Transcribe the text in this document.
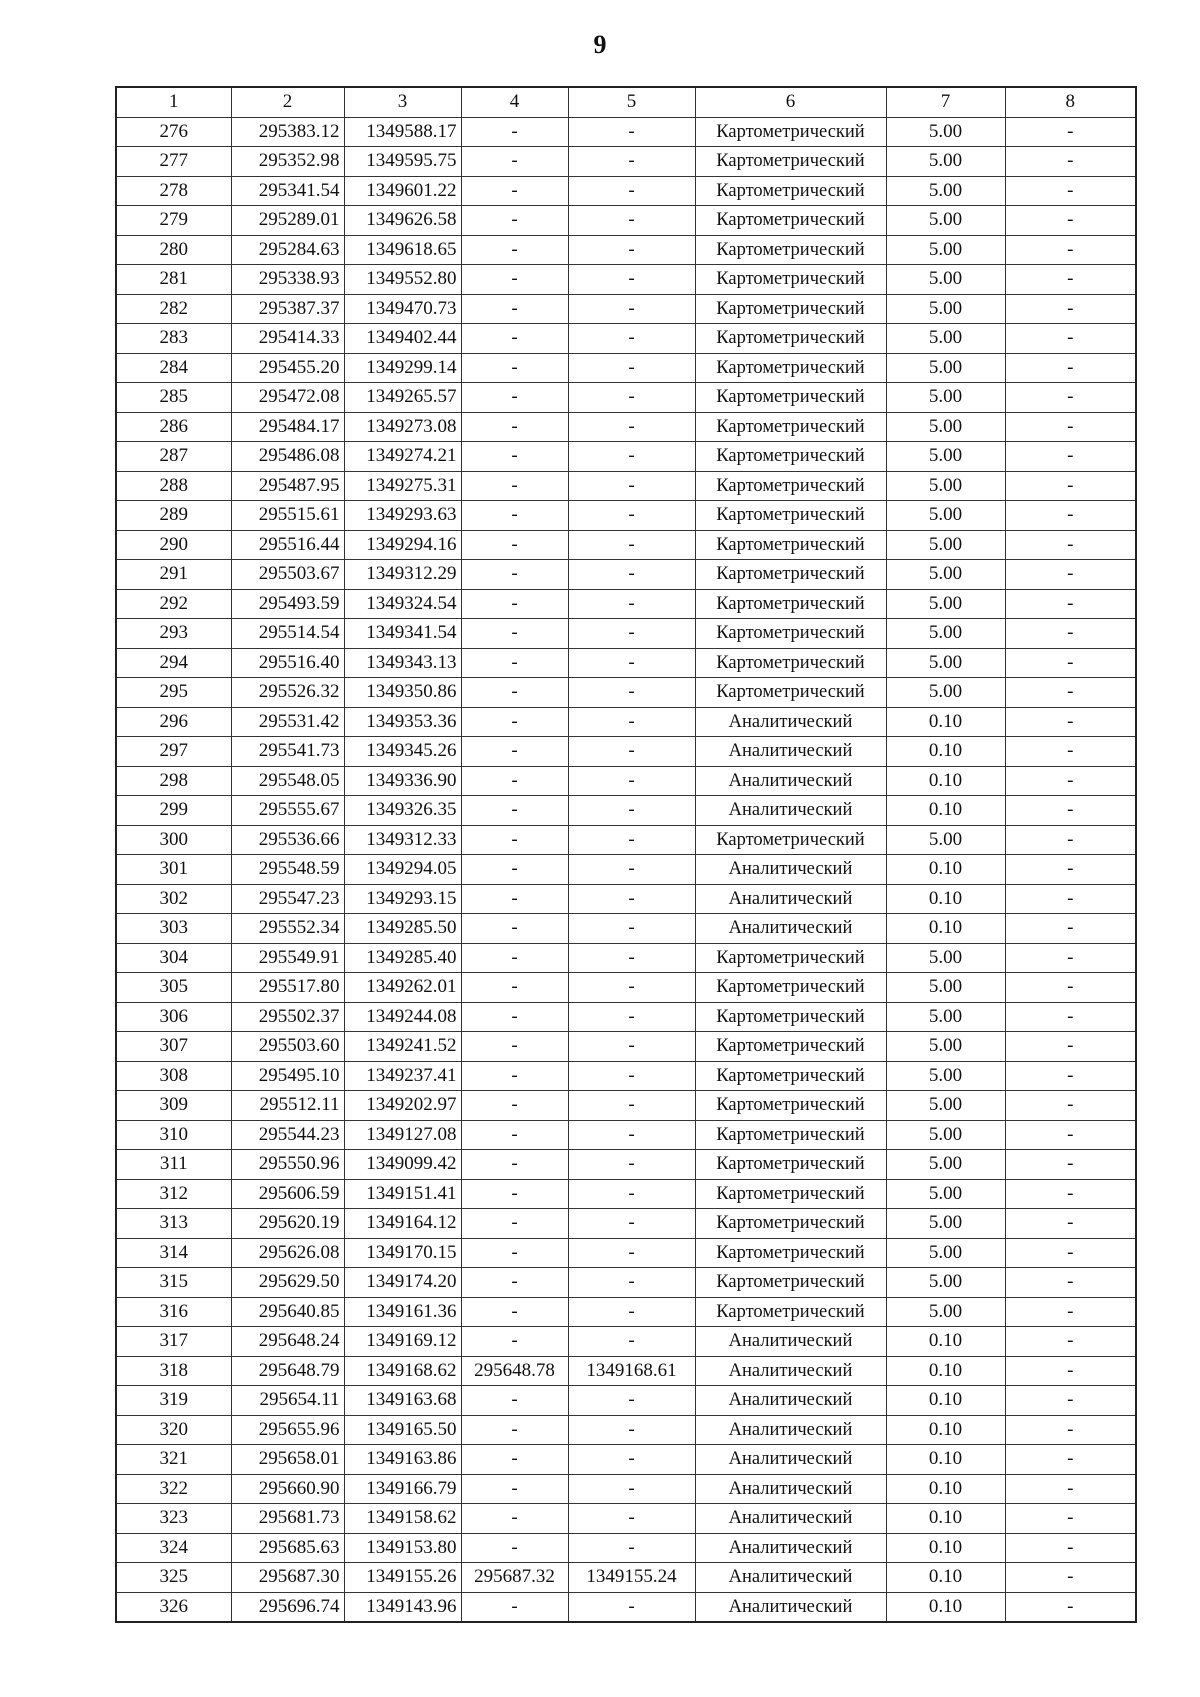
9
1	2	3	4	5	6	7	8
276	295383.12	1349588.17	-	-	Картометрический	5.00	-
277	295352.98	1349595.75	-	-	Картометрический	5.00	-
278	295341.54	1349601.22	-	-	Картометрический	5.00	-
279	295289.01	1349626.58	-	-	Картометрический	5.00	-
280	295284.63	1349618.65	-	-	Картометрический	5.00	-
281	295338.93	1349552.80	-	-	Картометрический	5.00	-
282	295387.37	1349470.73	-	-	Картометрический	5.00	-
283	295414.33	1349402.44	-	-	Картометрический	5.00	-
284	295455.20	1349299.14	-	-	Картометрический	5.00	-
285	295472.08	1349265.57	-	-	Картометрический	5.00	-
286	295484.17	1349273.08	-	-	Картометрический	5.00	-
287	295486.08	1349274.21	-	-	Картометрический	5.00	-
288	295487.95	1349275.31	-	-	Картометрический	5.00	-
289	295515.61	1349293.63	-	-	Картометрический	5.00	-
290	295516.44	1349294.16	-	-	Картометрический	5.00	-
291	295503.67	1349312.29	-	-	Картометрический	5.00	-
292	295493.59	1349324.54	-	-	Картометрический	5.00	-
293	295514.54	1349341.54	-	-	Картометрический	5.00	-
294	295516.40	1349343.13	-	-	Картометрический	5.00	-
295	295526.32	1349350.86	-	-	Картометрический	5.00	-
296	295531.42	1349353.36	-	-	Аналитический	0.10	-
297	295541.73	1349345.26	-	-	Аналитический	0.10	-
298	295548.05	1349336.90	-	-	Аналитический	0.10	-
299	295555.67	1349326.35	-	-	Аналитический	0.10	-
300	295536.66	1349312.33	-	-	Картометрический	5.00	-
301	295548.59	1349294.05	-	-	Аналитический	0.10	-
302	295547.23	1349293.15	-	-	Аналитический	0.10	-
303	295552.34	1349285.50	-	-	Аналитический	0.10	-
304	295549.91	1349285.40	-	-	Картометрический	5.00	-
305	295517.80	1349262.01	-	-	Картометрический	5.00	-
306	295502.37	1349244.08	-	-	Картометрический	5.00	-
307	295503.60	1349241.52	-	-	Картометрический	5.00	-
308	295495.10	1349237.41	-	-	Картометрический	5.00	-
309	295512.11	1349202.97	-	-	Картометрический	5.00	-
310	295544.23	1349127.08	-	-	Картометрический	5.00	-
311	295550.96	1349099.42	-	-	Картометрический	5.00	-
312	295606.59	1349151.41	-	-	Картометрический	5.00	-
313	295620.19	1349164.12	-	-	Картометрический	5.00	-
314	295626.08	1349170.15	-	-	Картометрический	5.00	-
315	295629.50	1349174.20	-	-	Картометрический	5.00	-
316	295640.85	1349161.36	-	-	Картометрический	5.00	-
317	295648.24	1349169.12	-	-	Аналитический	0.10	-
318	295648.79	1349168.62	295648.78	1349168.61	Аналитический	0.10	-
319	295654.11	1349163.68	-	-	Аналитический	0.10	-
320	295655.96	1349165.50	-	-	Аналитический	0.10	-
321	295658.01	1349163.86	-	-	Аналитический	0.10	-
322	295660.90	1349166.79	-	-	Аналитический	0.10	-
323	295681.73	1349158.62	-	-	Аналитический	0.10	-
324	295685.63	1349153.80	-	-	Аналитический	0.10	-
325	295687.30	1349155.26	295687.32	1349155.24	Аналитический	0.10	-
326	295696.74	1349143.96	-	-	Аналитический	0.10	-
